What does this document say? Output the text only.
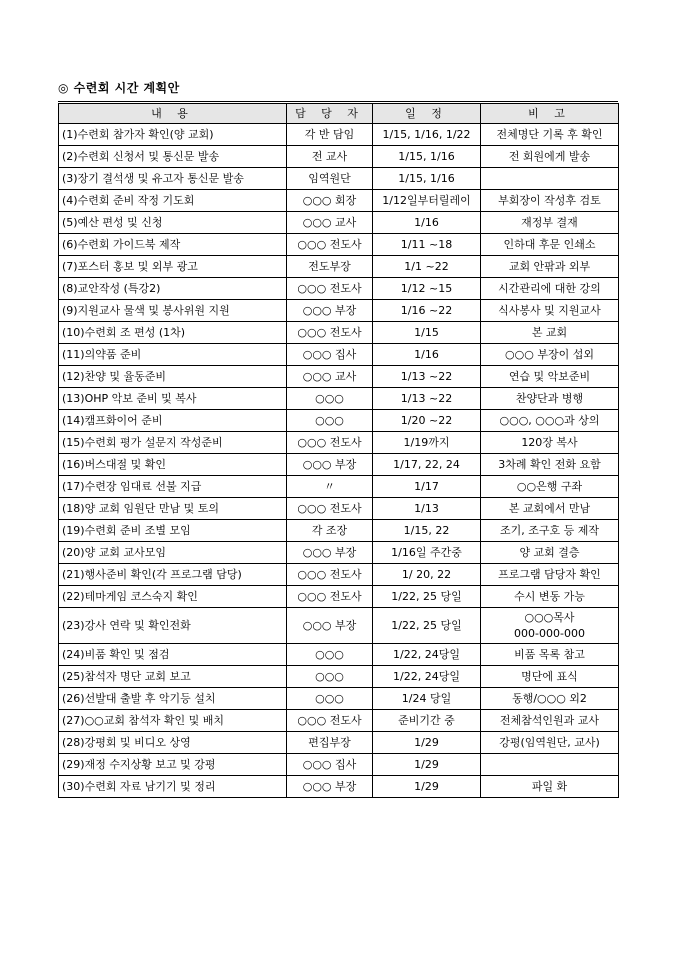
◎ 수련회 시간 계획안
내 용	담 당 자	일 정	비 고
(1)수련회 참가자 확인(양 교회)	각 반 담임	1/15, 1/16, 1/22	전체명단 기록 후 확인
(2)수련회 신청서 및 통신문 발송	전 교사	1/15, 1/16	전 회원에게 발송
(3)장기 결석생 및 유고자 통신문 발송	임역원단	1/15, 1/16	
(4)수련회 준비 작정 기도회	○○○ 회장	1/12일부터릴레이	부회장이 작성후 검토
(5)예산 편성 및 신청	○○○ 교사	1/16	재정부 결재
(6)수련회 가이드북 제작	○○○ 전도사	1/11 ~18	인하대 후문 인쇄소
(7)포스터 홍보 및 외부 광고	전도부장	1/1 ~22	교회 안팎과 외부
(8)교안작성 (특강2)	○○○ 전도사	1/12 ~15	시간관리에 대한 강의
(9)지원교사 물색 및 봉사위원 지원	○○○ 부장	1/16 ~22	식사봉사 및 지원교사
(10)수련회 조 편성 (1차)	○○○ 전도사	1/15	본 교회
(11)의약품 준비	○○○ 집사	1/16	○○○ 부장이 섭외
(12)찬양 및 율동준비	○○○ 교사	1/13 ~22	연습 및 악보준비
(13)OHP 악보 준비 및 복사	○○○	1/13 ~22	찬양단과 병행
(14)캠프화이어 준비	○○○	1/20 ~22	○○○, ○○○과 상의
(15)수련회 평가 설문지 작성준비	○○○ 전도사	1/19까지	120장 복사
(16)버스대절 및 확인	○○○ 부장	1/17, 22, 24	3차례 확인 전화 요함
(17)수련장 임대료 선불 지급	〃	1/17	○○은행 구좌
(18)양 교회 임원단 만남 및 토의	○○○ 전도사	1/13	본 교회에서 만남
(19)수련회 준비 조별 모임	각 조장	1/15, 22	조기, 조구호 등 제작
(20)양 교회 교사모임	○○○ 부장	1/16일 주간중	양 교회 결층
(21)행사준비 확인(각 프로그램 담당)	○○○ 전도사	1/ 20, 22	프로그램 담당자 확인
(22)테마게임 코스숙지 확인	○○○ 전도사	1/22, 25 당일	수시 변동 가능
(23)강사 연락 및 확인전화	○○○ 부장	1/22, 25 당일	○○○목사
000-000-000

(24)비품 확인 및 점검	○○○	1/22, 24당일	비품 목록 참고
(25)참석자 명단 교회 보고	○○○	1/22, 24당일	명단에 표식
(26)선발대 출발 후 악기등 설치	○○○	1/24 당일	동행/○○○ 외2
(27)○○교회 참석자 확인 및 배치	○○○ 전도사	준비기간 중	전체참석인원과 교사
(28)강평회 및 비디오 상영	편집부장	1/29	강평(임역원단, 교사)
(29)재정 수지상황 보고 및 강평	○○○ 집사	1/29	
(30)수련회 자료 남기기 및 정리	○○○ 부장	1/29	파일 화
